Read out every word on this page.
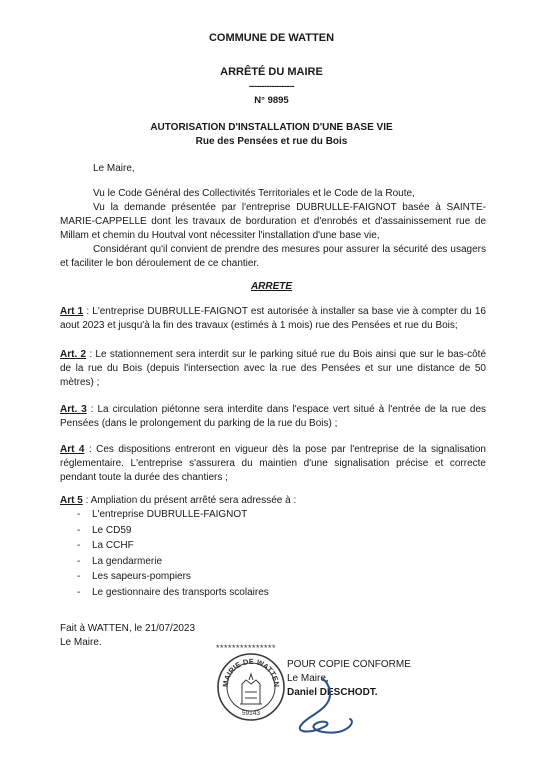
COMMUNE DE WATTEN
ARRÊTÉ DU MAIRE
------------------
N° 9895
AUTORISATION D'INSTALLATION D'UNE BASE VIE
Rue des Pensées et rue du Bois
Le Maire,
Vu le Code Général des Collectivités Territoriales et le Code de la Route,
Vu la demande présentée par l'entreprise DUBRULLE-FAIGNOT basée à SAINTE-MARIE-CAPPELLE dont les travaux de borduration et d'enrobés et d'assainissement rue de Millam et chemin du Houtval vont nécessiter l'installation d'une base vie,
Considérant qu'il convient de prendre des mesures pour assurer la sécurité des usagers et faciliter le bon déroulement de ce chantier.
ARRETE
Art 1 : L'entreprise DUBRULLE-FAIGNOT est autorisée à installer sa base vie à compter du 16 aout 2023 et jusqu'à la fin des travaux (estimés à 1 mois) rue des Pensées et rue du Bois;
Art. 2 : Le stationnement sera interdit sur le parking situé rue du Bois ainsi que sur le bas-côté de la rue du Bois (depuis l'intersection avec la rue des Pensées et sur une distance de 50 mètres) ;
Art. 3 : La circulation piétonne sera interdite dans l'espace vert situé à l'entrée de la rue des Pensées (dans le prolongement du parking de la rue du Bois) ;
Art 4 : Ces dispositions entreront en vigueur dès la pose par l'entreprise de la signalisation réglementaire. L'entreprise s'assurera du maintien d'une signalisation précise et correcte pendant toute la durée des chantiers ;
Art 5 : Ampliation du présent arrêté sera adressée à :
- L'entreprise DUBRULLE-FAIGNOT
- Le CD59
- La CCHF
- La gendarmerie
- Les sapeurs-pompiers
- Le gestionnaire des transports scolaires
Fait à WATTEN, le 21/07/2023
Le Maire.	***************
MAIRIE DE WATTEN
59143
POUR COPIE CONFORME
Le Maire,
Daniel DESCHODT.
